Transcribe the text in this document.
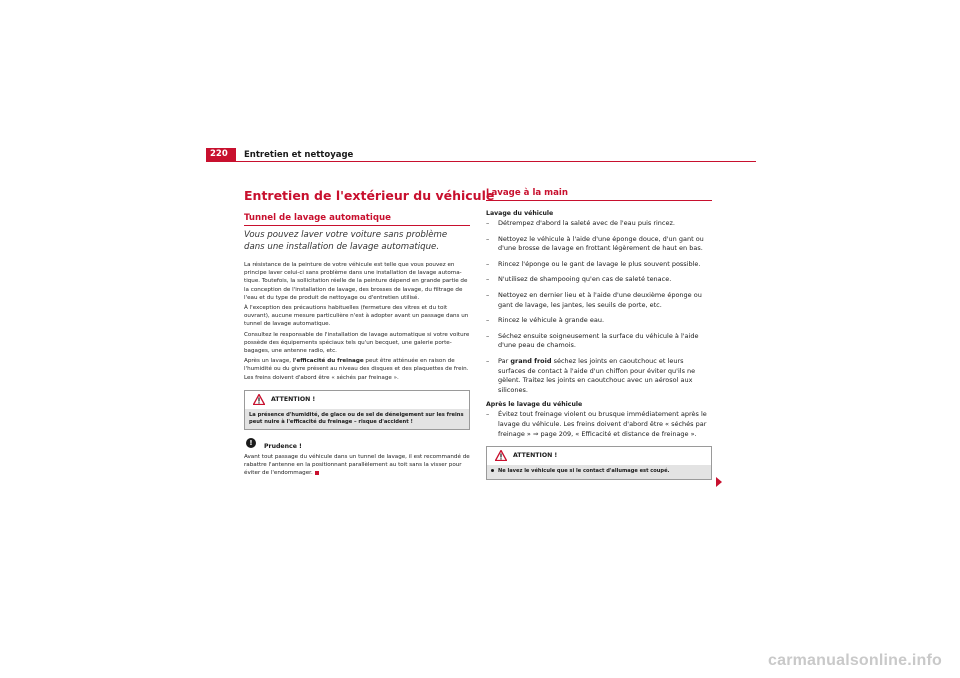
220	Entretien et nettoyage
Entretien de l'extérieur du véhicule
Tunnel de lavage automatique
Vous pouvez laver votre voiture sans problème dans une installation de lavage automatique.

La résistance de la peinture de votre véhicule est telle que vous pouvez en principe laver celui-ci sans problème dans une installation de lavage automa-tique. Toutefois, la sollicitation réelle de la peinture dépend en grande partie de la conception de l'installation de lavage, des brosses de lavage, du filtrage de l'eau et du type de produit de nettoyage ou d'entretien utilisé.

À l'exception des précautions habituelles (fermeture des vitres et du toit ouvrant), aucune mesure particulière n'est à adopter avant un passage dans un tunnel de lavage automatique.

Consultez le responsable de l'installation de lavage automatique si votre voiture possède des équipements spéciaux tels qu'un becquet, une galerie porte-bagages, une antenne radio, etc.

Après un lavage, l'efficacité du freinage peut être atténuée en raison de l'humidité ou du givre présent au niveau des disques et des plaquettes de frein. Les freins doivent d'abord être « séchés par freinage ».

ATTENTION !
La présence d'humidité, de glace ou de sel de déneigement sur les freins peut nuire à l'efficacité du freinage – risque d'accident !
!	Prudence !

Avant tout passage du véhicule dans un tunnel de lavage, il est recommandé de rabattre l'antenne en la positionnant parallèlement au toit sans la visser pour éviter de l'endommager.

Lavage à la main
Lavage du véhicule
– Détrempez d'abord la saleté avec de l'eau puis rincez.
– Nettoyez le véhicule à l'aide d'une éponge douce, d'un gant ou d'une brosse de lavage en frottant légèrement de haut en bas.
– Rincez l'éponge ou le gant de lavage le plus souvent possible.
– N'utilisez de shampooing qu'en cas de saleté tenace.
– Nettoyez en dernier lieu et à l'aide d'une deuxième éponge ou gant de lavage, les jantes, les seuils de porte, etc.
– Rincez le véhicule à grande eau.
– Séchez ensuite soigneusement la surface du véhicule à l'aide d'une peau de chamois.
– Par grand froid séchez les joints en caoutchouc et leurs surfaces de contact à l'aide d'un chiffon pour éviter qu'ils ne gèlent. Traitez les joints en caoutchouc avec un aérosol aux silicones.
Après le lavage du véhicule
– Évitez tout freinage violent ou brusque immédiatement après le lavage du véhicule. Les freins doivent d'abord être « séchés par freinage » ⇒ page 209, « Efficacité et distance de freinage ».
ATTENTION !
Ne lavez le véhicule que si le contact d'allumage est coupé.
carmanualsonline.info
